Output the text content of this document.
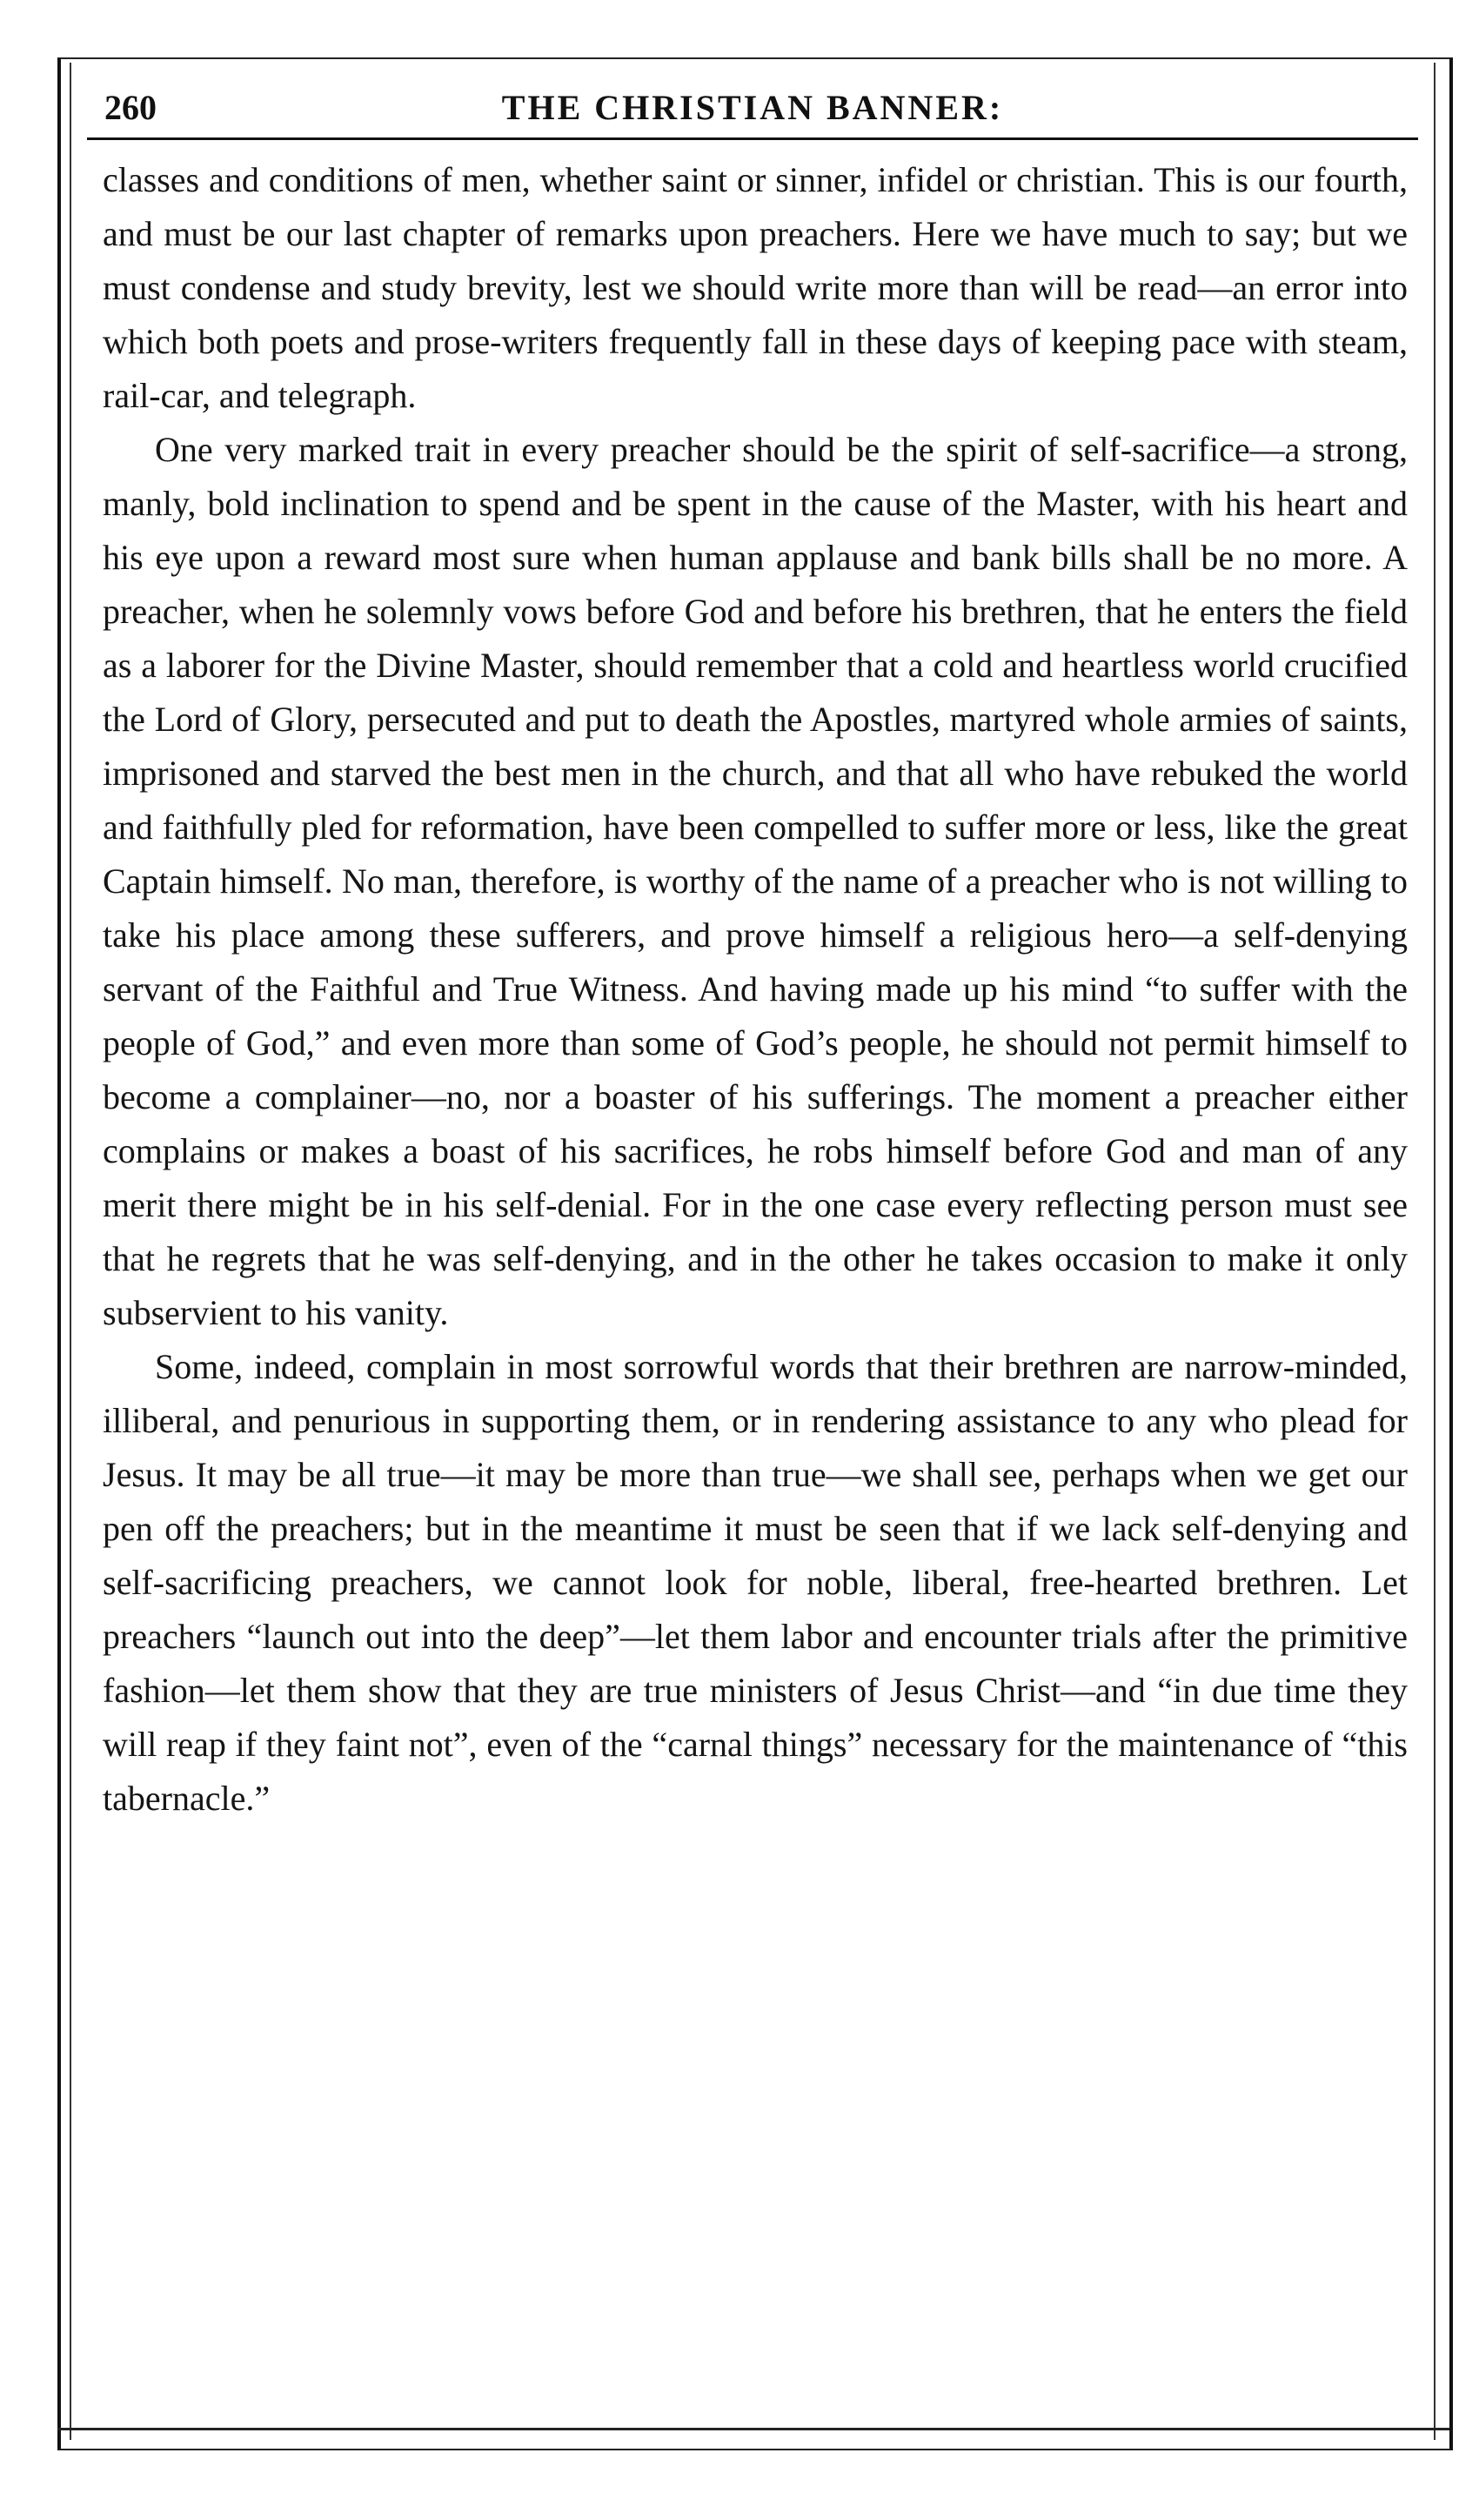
260	THE CHRISTIAN BANNER:

classes and conditions of men, whether saint or sinner, infidel or christian. This is our fourth, and must be our last chapter of remarks upon preachers. Here we have much to say; but we must condense and study brevity, lest we should write more than will be read—an error into which both poets and prose-writers frequently fall in these days of keeping pace with steam, rail-car, and telegraph.

One very marked trait in every preacher should be the spirit of self-sacrifice—a strong, manly, bold inclination to spend and be spent in the cause of the Master, with his heart and his eye upon a reward most sure when human applause and bank bills shall be no more. A preacher, when he solemnly vows before God and before his brethren, that he enters the field as a laborer for the Divine Master, should remember that a cold and heartless world crucified the Lord of Glory, persecuted and put to death the Apostles, martyred whole armies of saints, imprisoned and starved the best men in the church, and that all who have rebuked the world and faithfully pled for reformation, have been compelled to suffer more or less, like the great Captain himself. No man, therefore, is worthy of the name of a preacher who is not willing to take his place among these sufferers, and prove himself a religious hero—a self-denying servant of the Faithful and True Witness. And having made up his mind “to suffer with the people of God,” and even more than some of God’s people, he should not permit himself to become a complainer—no, nor a boaster of his sufferings. The moment a preacher either complains or makes a boast of his sacrifices, he robs himself before God and man of any merit there might be in his self-denial. For in the one case every reflecting person must see that he regrets that he was self-denying, and in the other he takes occasion to make it only subservient to his vanity.

Some, indeed, complain in most sorrowful words that their brethren are narrow-minded, illiberal, and penurious in supporting them, or in rendering assistance to any who plead for Jesus. It may be all true—it may be more than true—we shall see, perhaps when we get our pen off the preachers; but in the meantime it must be seen that if we lack self-denying and self-sacrificing preachers, we cannot look for noble, liberal, free-hearted brethren. Let preachers “launch out into the deep”—let them labor and encounter trials after the primitive fashion—let them show that they are true ministers of Jesus Christ—and “in due time they will reap if they faint not”, even of the “carnal things” necessary for the maintenance of “this tabernacle.”
